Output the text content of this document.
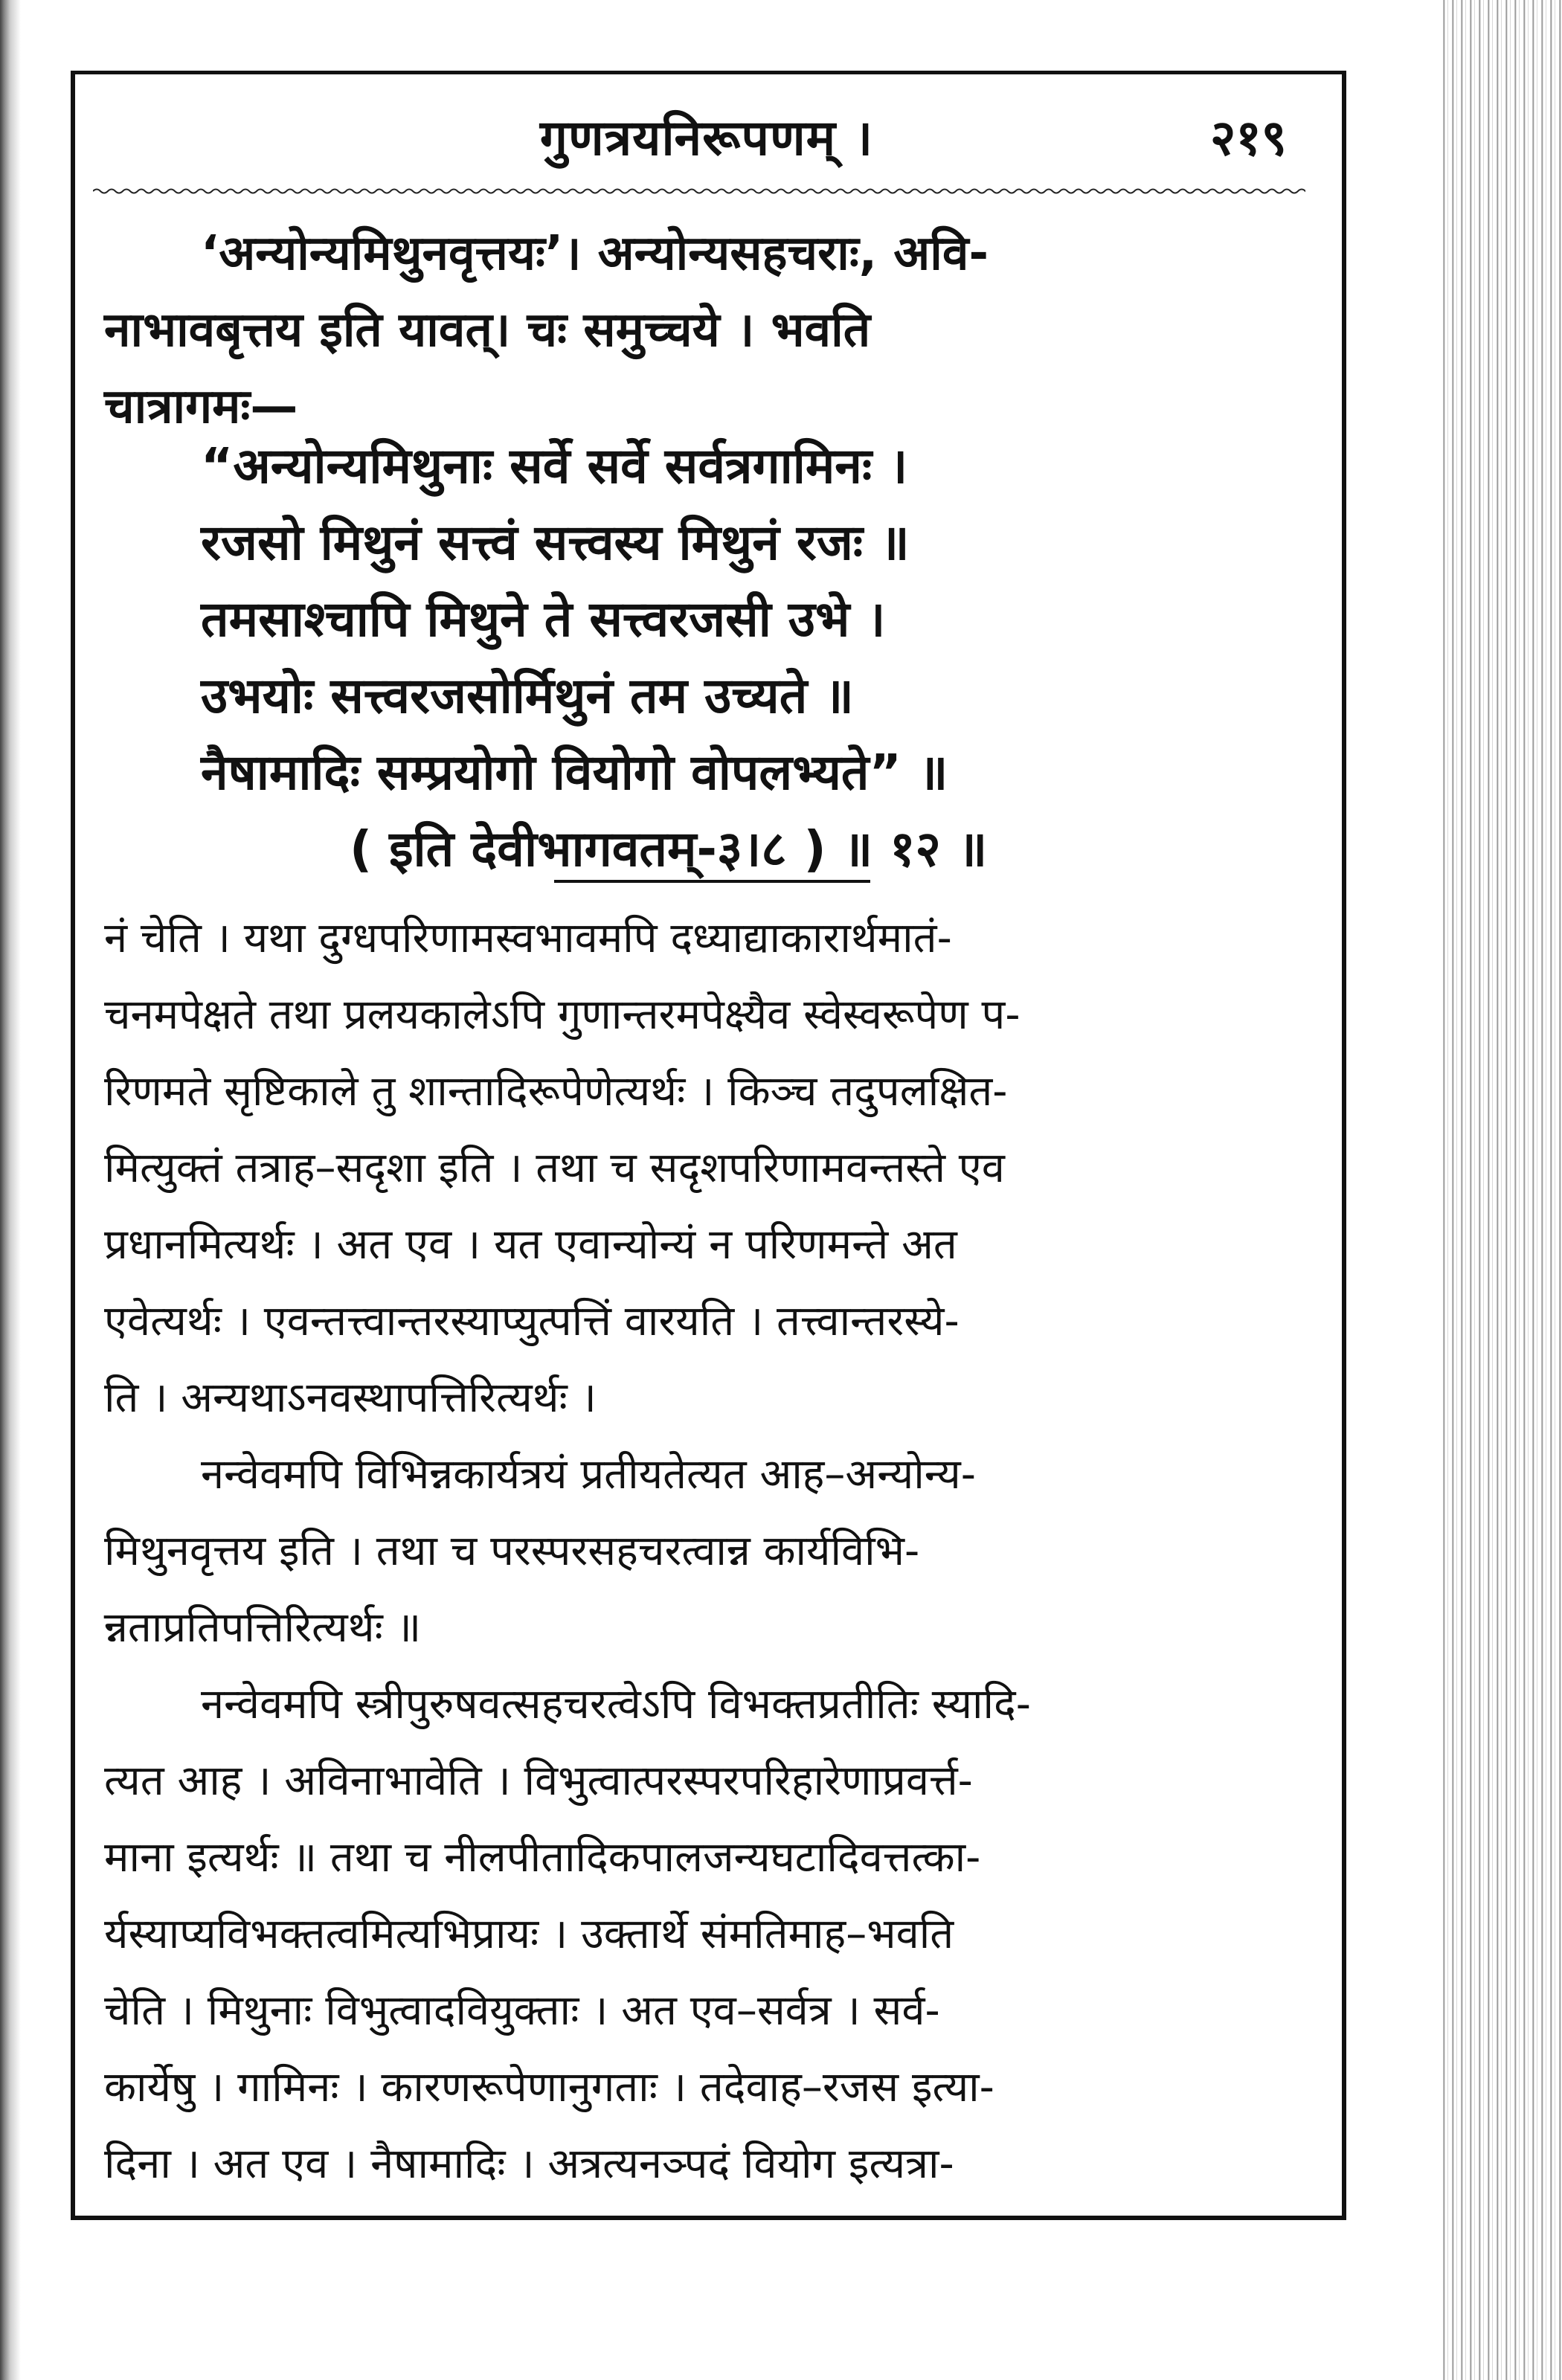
गुणत्रयनिरूपणम् ।	२१९
‘अन्योन्यमिथुनवृत्तयः’। अन्योन्यसहचराः, अवि-
नाभावबृत्तय इति यावत्। चः समुच्चये । भवति
चात्रागमः—
“अन्योन्यमिथुनाः सर्वे सर्वे सर्वत्रगामिनः ।
रजसो मिथुनं सत्त्वं सत्त्वस्य मिथुनं रजः ॥
तमसाश्चापि मिथुने ते सत्त्वरजसी उभे ।
उभयोः सत्त्वरजसोर्मिथुनं तम उच्यते ॥
नैषामादिः सम्प्रयोगो वियोगो वोपलभ्यते” ॥
( इति देवीभागवतम्-३।८ ) ॥ १२ ॥
नं चेति । यथा दुग्धपरिणामस्वभावमपि दध्याद्याकारार्थमातं-
चनमपेक्षते तथा प्रलयकालेऽपि गुणान्तरमपेक्ष्यैव स्वेस्वरूपेण प-
रिणमते सृष्टिकाले तु शान्तादिरूपेणेत्यर्थः । किञ्च तदुपलक्षित-
मित्युक्तं तत्राह–सदृशा इति । तथा च सदृशपरिणामवन्तस्ते एव
प्रधानमित्यर्थः । अत एव । यत एवान्योन्यं न परिणमन्ते अत
एवेत्यर्थः । एवन्तत्त्वान्तरस्याप्युत्पत्तिं वारयति । तत्त्वान्तरस्ये-
ति । अन्यथाऽनवस्थापत्तिरित्यर्थः ।
नन्वेवमपि विभिन्नकार्यत्रयं प्रतीयतेत्यत आह–अन्योन्य-
मिथुनवृत्तय इति । तथा च परस्परसहचरत्वान्न कार्यविभि-
न्नताप्रतिपत्तिरित्यर्थः ॥
नन्वेवमपि स्त्रीपुरुषवत्सहचरत्वेऽपि विभक्तप्रतीतिः स्यादि-
त्यत आह । अविनाभावेति । विभुत्वात्परस्परपरिहारेणाप्रवर्त्त-
माना इत्यर्थः ॥ तथा च नीलपीतादिकपालजन्यघटादिवत्तत्का-
र्यस्याप्यविभक्तत्वमित्यभिप्रायः । उक्तार्थे संमतिमाह–भवति
चेति । मिथुनाः विभुत्वादवियुक्ताः । अत एव–सर्वत्र । सर्व-
कार्येषु । गामिनः । कारणरूपेणानुगताः । तदेवाह–रजस इत्या-
दिना । अत एव । नैषामादिः । अत्रत्यनञ्पदं वियोग इत्यत्रा-
